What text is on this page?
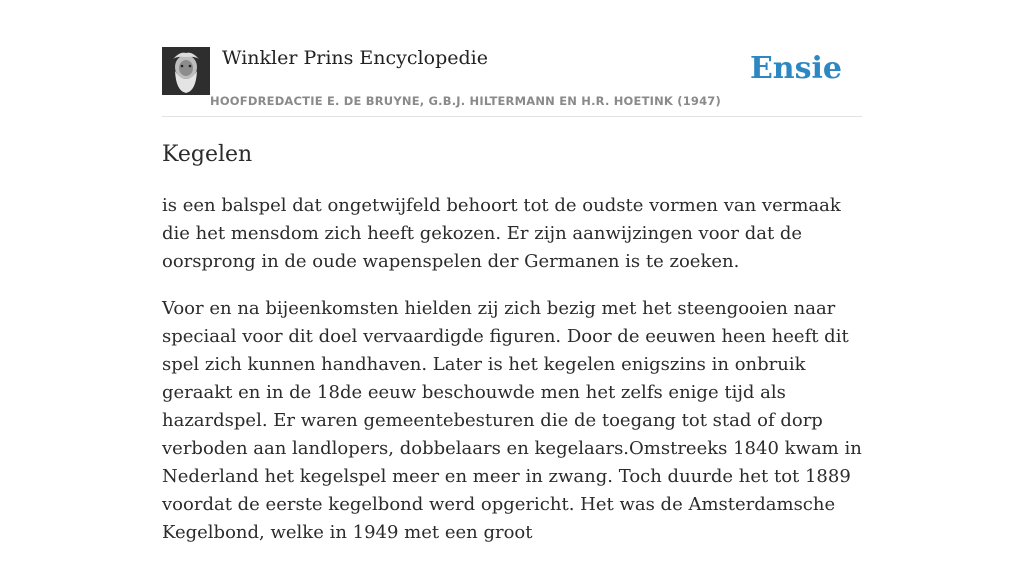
Winkler Prins Encyclopedie
HOOFDREDACTIE E. DE BRUYNE, G.B.J. HILTERMANN EN H.R. HOETINK (1947)
Ensie
Kegelen

is een balspel dat ongetwijfeld behoort tot de oudste vormen van vermaak die het mensdom zich heeft gekozen. Er zijn aanwijzingen voor dat de oorsprong in de oude wapenspelen der Germanen is te zoeken.

Voor en na bijeenkomsten hielden zij zich bezig met het steengooien naar speciaal voor dit doel vervaardigde figuren. Door de eeuwen heen heeft dit spel zich kunnen handhaven. Later is het kegelen enigszins in onbruik geraakt en in de 18de eeuw beschouwde men het zelfs enige tijd als hazardspel. Er waren gemeentebesturen die de toegang tot stad of dorp verboden aan landlopers, dobbelaars en kegelaars.Omstreeks 1840 kwam in Nederland het kegelspel meer en meer in zwang. Toch duurde het tot 1889 voordat de eerste kegelbond werd opgericht. Het was de Amsterdamsche Kegelbond, welke in 1949 met een groot
